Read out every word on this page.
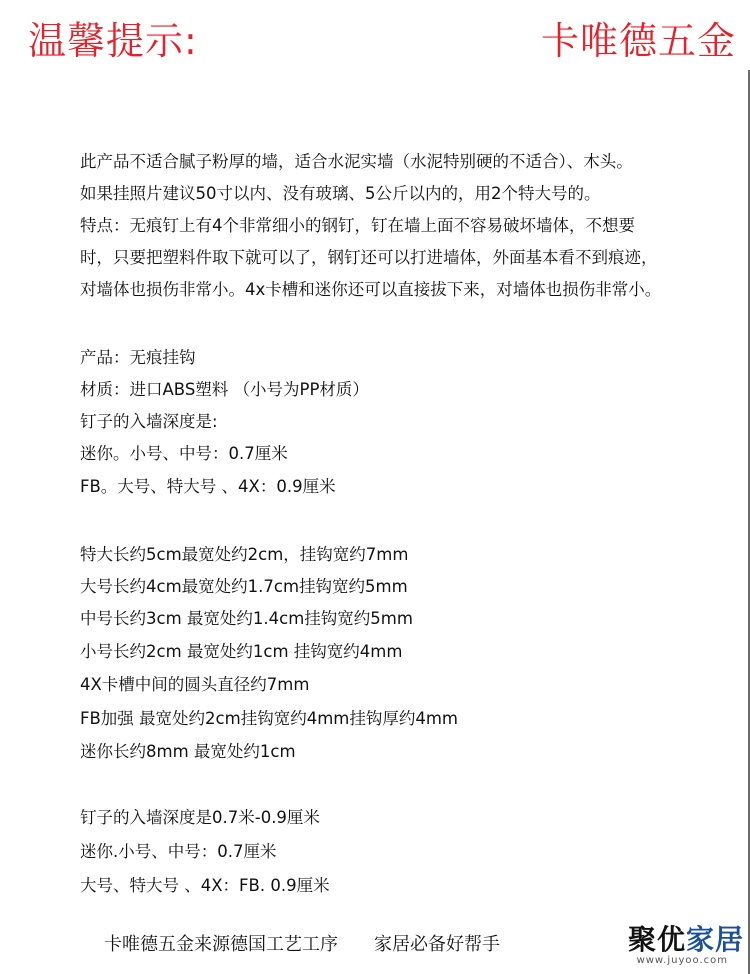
温馨提示:	卡唯德五金
此产品不适合腻子粉厚的墙，适合水泥实墙（水泥特别硬的不适合）、木头。
如果挂照片建议50寸以内、没有玻璃、5公斤以内的，用2个特大号的。
特点：无痕钉上有4个非常细小的钢钉，钉在墙上面不容易破坏墙体，不想要
时，只要把塑料件取下就可以了，钢钉还可以打进墙体，外面基本看不到痕迹，
对墙体也损伤非常小。4x卡槽和迷你还可以直接拔下来，对墙体也损伤非常小。
产品：无痕挂钩
材质：进口ABS塑料 （小号为PP材质）
钉子的入墙深度是:
迷你。小号、中号：0.7厘米
FB。大号、特大号 、4X：0.9厘米
特大长约5cm最宽处约2cm，挂钩宽约7mm
大号长约4cm最宽处约1.7cm挂钩宽约5mm
中号长约3cm 最宽处约1.4cm挂钩宽约5mm
小号长约2cm 最宽处约1cm 挂钩宽约4mm
4X卡槽中间的圆头直径约7mm
FB加强 最宽处约2cm挂钩宽约4mm挂钩厚约4mm
迷你长约8mm 最宽处约1cm
钉子的入墙深度是0.7米-0.9厘米
迷你.小号、中号：0.7厘米
大号、特大号 、4X：FB. 0.9厘米
卡唯德五金来源德国工艺工序 家居必备好帮手	聚优家居
www.juyoo.com
